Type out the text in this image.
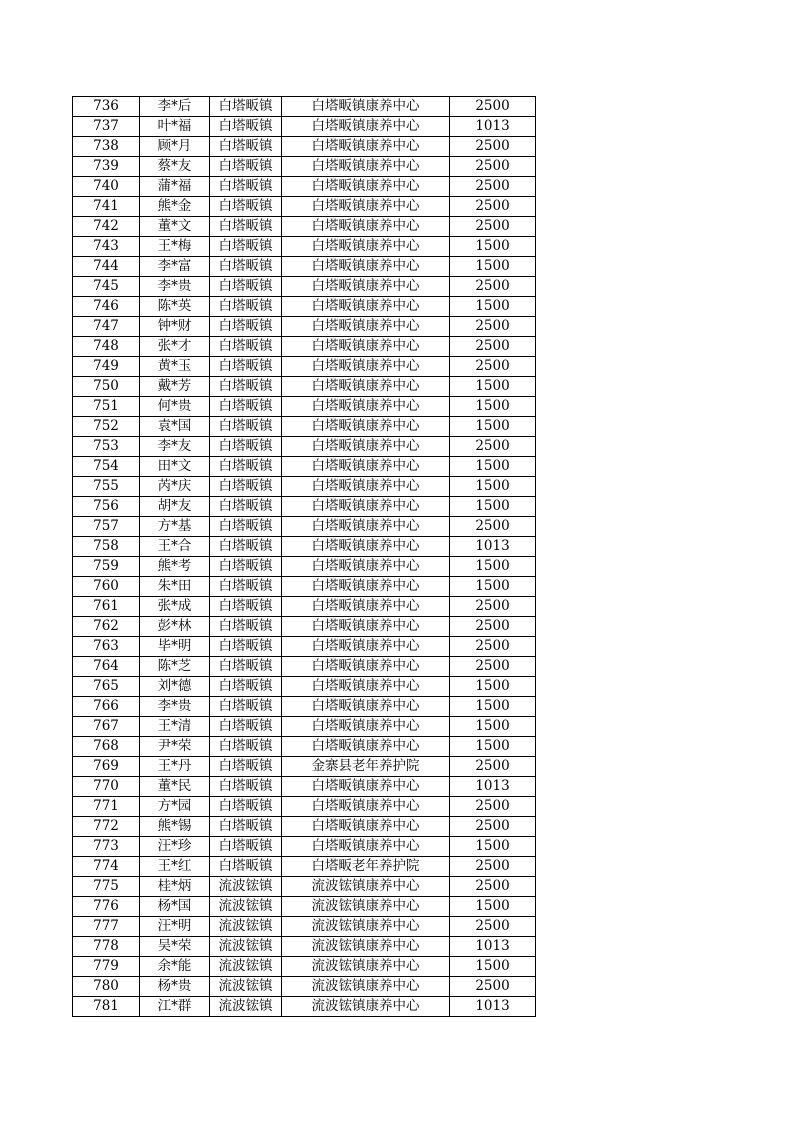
736	李*后	白塔畈镇	白塔畈镇康养中心	2500
737	叶*福	白塔畈镇	白塔畈镇康养中心	1013
738	顾*月	白塔畈镇	白塔畈镇康养中心	2500
739	蔡*友	白塔畈镇	白塔畈镇康养中心	2500
740	蒲*福	白塔畈镇	白塔畈镇康养中心	2500
741	熊*金	白塔畈镇	白塔畈镇康养中心	2500
742	董*文	白塔畈镇	白塔畈镇康养中心	2500
743	王*梅	白塔畈镇	白塔畈镇康养中心	1500
744	李*富	白塔畈镇	白塔畈镇康养中心	1500
745	李*贵	白塔畈镇	白塔畈镇康养中心	2500
746	陈*英	白塔畈镇	白塔畈镇康养中心	1500
747	钟*财	白塔畈镇	白塔畈镇康养中心	2500
748	张*才	白塔畈镇	白塔畈镇康养中心	2500
749	黄*玉	白塔畈镇	白塔畈镇康养中心	2500
750	戴*芳	白塔畈镇	白塔畈镇康养中心	1500
751	何*贵	白塔畈镇	白塔畈镇康养中心	1500
752	袁*国	白塔畈镇	白塔畈镇康养中心	1500
753	李*友	白塔畈镇	白塔畈镇康养中心	2500
754	田*文	白塔畈镇	白塔畈镇康养中心	1500
755	芮*庆	白塔畈镇	白塔畈镇康养中心	1500
756	胡*友	白塔畈镇	白塔畈镇康养中心	1500
757	方*基	白塔畈镇	白塔畈镇康养中心	2500
758	王*合	白塔畈镇	白塔畈镇康养中心	1013
759	熊*考	白塔畈镇	白塔畈镇康养中心	1500
760	朱*田	白塔畈镇	白塔畈镇康养中心	1500
761	张*成	白塔畈镇	白塔畈镇康养中心	2500
762	彭*林	白塔畈镇	白塔畈镇康养中心	2500
763	毕*明	白塔畈镇	白塔畈镇康养中心	2500
764	陈*芝	白塔畈镇	白塔畈镇康养中心	2500
765	刘*德	白塔畈镇	白塔畈镇康养中心	1500
766	李*贵	白塔畈镇	白塔畈镇康养中心	1500
767	王*清	白塔畈镇	白塔畈镇康养中心	1500
768	尹*荣	白塔畈镇	白塔畈镇康养中心	1500
769	王*丹	白塔畈镇	金寨县老年养护院	2500
770	董*民	白塔畈镇	白塔畈镇康养中心	1013
771	方*园	白塔畈镇	白塔畈镇康养中心	2500
772	熊*锡	白塔畈镇	白塔畈镇康养中心	2500
773	汪*珍	白塔畈镇	白塔畈镇康养中心	1500
774	王*红	白塔畈镇	白塔畈老年养护院	2500
775	桂*炳	流波𬭎镇	流波𬭎镇康养中心	2500
776	杨*国	流波𬭎镇	流波𬭎镇康养中心	1500
777	汪*明	流波𬭎镇	流波𬭎镇康养中心	2500
778	吴*荣	流波𬭎镇	流波𬭎镇康养中心	1013
779	余*能	流波𬭎镇	流波𬭎镇康养中心	1500
780	杨*贵	流波𬭎镇	流波𬭎镇康养中心	2500
781	江*群	流波𬭎镇	流波𬭎镇康养中心	1013
